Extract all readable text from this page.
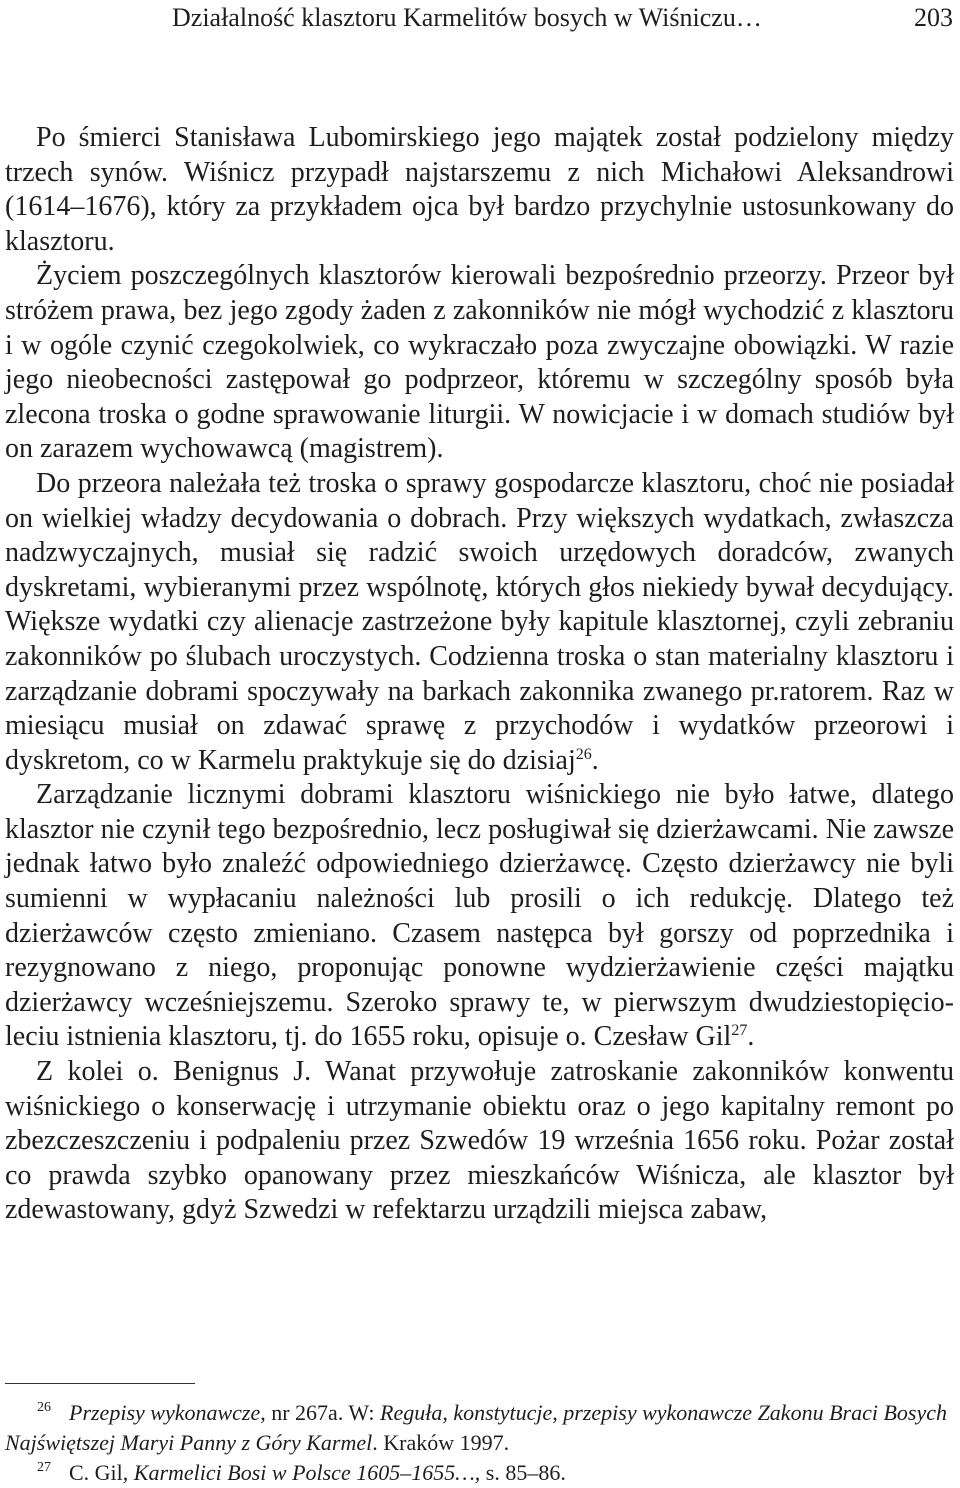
Działalność klasztoru Karmelitów bosych w Wiśniczu…	203

Po śmierci Stanisława Lubomirskiego jego majątek został podzielony między trzech synów. Wiśnicz przypadł najstarszemu z nich Michałowi Aleksandrowi (1614–1676), który za przykładem ojca był bardzo przychylnie ustosunkowany do klasztoru.

Życiem poszczególnych klasztorów kierowali bezpośrednio przeorzy. Przeor był stróżem prawa, bez jego zgody żaden z zakonników nie mógł wychodzić z klasztoru i w ogóle czynić czegokolwiek, co wykraczało poza zwyczajne obowiązki. W razie jego nieobecności zastępował go podprzeor, któremu w szczególny sposób była zlecona troska o godne sprawowanie liturgii. W nowicjacie i w domach studiów był on zarazem wychowawcą (magistrem).

Do przeora należała też troska o sprawy gospodarcze klasztoru, choć nie posiadał on wielkiej władzy decydowania o dobrach. Przy większych wydatkach, zwłaszcza nadzwyczajnych, musiał się radzić swoich urzędowych doradców, zwanych dyskretami, wybieranymi przez wspólnotę, których głos niekiedy bywał decydujący. Większe wydatki czy alienacje zastrzeżone były kapitule klasztornej, czyli zebraniu zakonników po ślubach uroczystych. Codzienna troska o stan materialny klasztoru i zarządzanie dobrami spoczywały na barkach zakonnika zwanego pr.ratorem. Raz w miesiącu musiał on zdawać sprawę z przychodów i wydatków przeorowi i dyskretom, co w Karmelu praktykuje się do dzisiaj$^{26}$.

Zarządzanie licznymi dobrami klasztoru wiśnickiego nie było łatwe, dlatego klasztor nie czynił tego bezpośrednio, lecz posługiwał się dzierżawcami. Nie zawsze jednak łatwo było znaleźć odpowiedniego dzierżawcę. Często dzierżawcy nie byli sumienni w wypłacaniu należności lub prosili o ich redukcję. Dlatego też dzierżawców często zmieniano. Czasem następca był gorszy od poprzednika i rezygnowano z niego, proponując ponowne wydzierżawienie części majątku dzierżawcy wcześniejszemu. Szeroko sprawy te, w pierwszym dwudziestopięcioleciu istnienia klasztoru, tj. do 1655 roku, opisuje o. Czesław Gil$^{27}$.

Z kolei o. Benignus J. Wanat przywołuje zatroskanie zakonników konwentu wiśnickiego o konserwację i utrzymanie obiektu oraz o jego kapitalny remont po zbezczeszczeniu i podpaleniu przez Szwedów 19 września 1656 roku. Pożar został co prawda szybko opanowany przez mieszkańców Wiśnicza, ale klasztor był zdewastowany, gdyż Szwedzi w refektarzu urządzili miejsca zabaw,

26 Przepisy wykonawcze, nr 267a. W: Reguła, konstytucje, przepisy wykonawcze Zakonu Braci Bosych Najświętszej Maryi Panny z Góry Karmel. Kraków 1997.

27 C. Gil, Karmelici Bosi w Polsce 1605–1655…, s. 85–86.
